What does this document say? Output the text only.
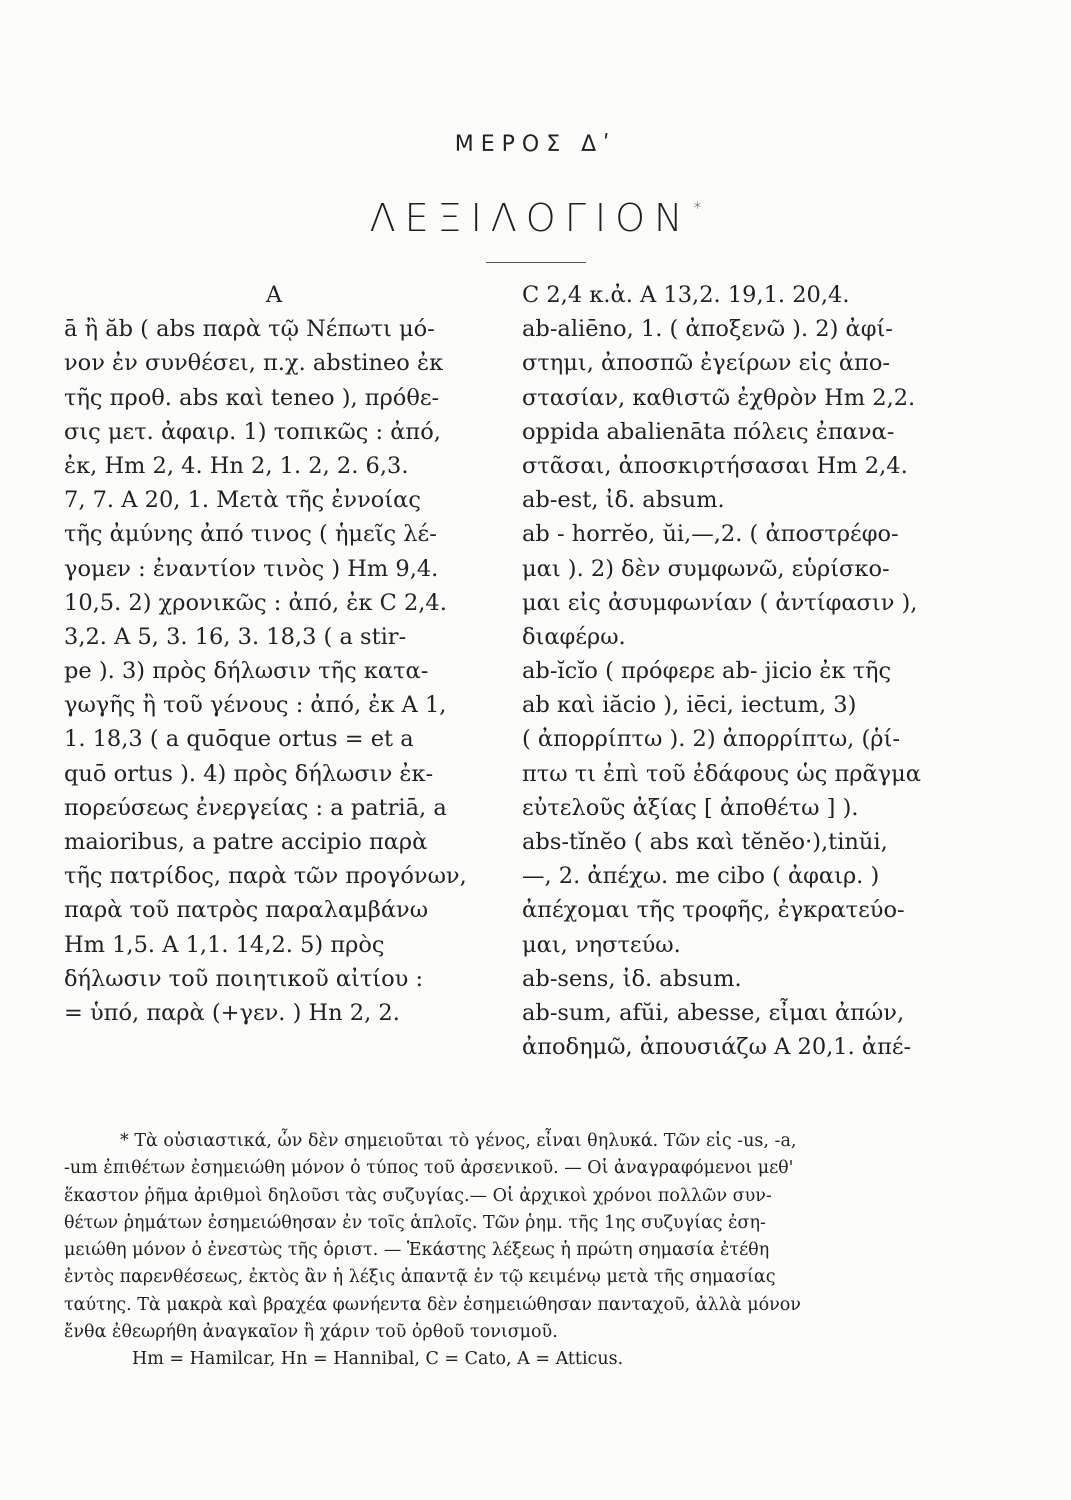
ΜΕΡΟΣ Δʹ
ΛΕΞΙΛΟΓΙΟΝ *
A
ā ἢ ăb ( abs παρὰ τῷ Νέπωτι μό-
νον ἐν συνθέσει, π.χ. abstineo ἐκ
τῆς προθ. abs καὶ teneo ), πρόθε-
σις μετ. ἀφαιρ. 1) τοπικῶς : ἀπό,
ἐκ, Hm 2, 4. Hn 2, 1. 2, 2. 6,3.
7, 7. A 20, 1. Μετὰ τῆς ἐννοίας
τῆς ἀμύνης ἀπό τινος ( ἡμεῖς λέ-
γομεν : ἐναντίον τινὸς ) Hm 9,4.
10,5. 2) χρονικῶς : ἀπό, ἐκ C 2,4.
3,2. A 5, 3. 16, 3. 18,3 ( a stir-
pe ). 3) πρὸς δήλωσιν τῆς κατα-
γωγῆς ἢ τοῦ γένους : ἀπό, ἐκ A 1,
1. 18,3 ( a quōque ortus = et a
quō ortus ). 4) πρὸς δήλωσιν ἐκ-
πορεύσεως ἐνεργείας : a patriā, a
maioribus, a patre accipio παρὰ
τῆς πατρίδος, παρὰ τῶν προγόνων,
παρὰ τοῦ πατρὸς παραλαμβάνω
Hm 1,5. A 1,1. 14,2. 5) πρὸς
δήλωσιν τοῦ ποιητικοῦ αἰτίου :
= ὑπό, παρὰ (+γεν. ) Hn 2, 2.
C 2,4 κ.ἀ. A 13,2. 19,1. 20,4.
ab-aliēno, 1. ( ἀποξενῶ ). 2) ἀφί-
στημι, ἀποσπῶ ἐγείρων εἰς ἀπο-
στασίαν, καθιστῶ ἐχθρὸν Hm 2,2.
oppida abalienāta πόλεις ἐπανα-
στᾶσαι, ἀποσκιρτήσασαι Hm 2,4.
ab-est, ἰδ. absum.
ab - horrĕo, ŭi,—,2. ( ἀποστρέφο-
μαι ). 2) δὲν συμφωνῶ, εὑρίσκο-
μαι εἰς ἀσυμφωνίαν ( ἀντίφασιν ),
διαφέρω.
ab-ĭcĭo ( πρόφερε ab- jicio ἐκ τῆς
ab καὶ iăcio ), iēci, iectum, 3)
( ἀπορρίπτω ). 2) ἀπορρίπτω, (ῥί-
πτω τι ἐπὶ τοῦ ἐδάφους ὡς πρᾶγμα
εὐτελοῦς ἀξίας [ ἀποθέτω ] ).
abs-tĭnĕo ( abs καὶ tĕnĕo·),tinŭi,
—, 2. ἀπέχω. me cibo ( ἀφαιρ. )
ἀπέχομαι τῆς τροφῆς, ἐγκρατεύο-
μαι, νηστεύω.
ab-sens, ἰδ. absum.
ab-sum, afŭi, abesse, εἶμαι ἀπών,
ἀποδημῶ, ἀπουσιάζω A 20,1. ἀπέ-
* Τὰ οὐσιαστικά, ὧν δὲν σημειοῦται τὸ γένος, εἶναι θηλυκά. Τῶν εἰς -us, -a,
-um ἐπιθέτων ἐσημειώθη μόνον ὁ τύπος τοῦ ἀρσενικοῦ. — Οἱ ἀναγραφόμενοι μεθ'
ἕκαστον ῥῆμα ἀριθμοὶ δηλοῦσι τὰς συζυγίας.— Οἱ ἀρχικοὶ χρόνοι πολλῶν συν-
θέτων ῥημάτων ἐσημειώθησαν ἐν τοῖς ἁπλοῖς. Τῶν ῥημ. τῆς 1ης συζυγίας ἐση-
μειώθη μόνον ὁ ἐνεστὼς τῆς ὁριστ. — Ἑκάστης λέξεως ἡ πρώτη σημασία ἐτέθη
ἐντὸς παρενθέσεως, ἐκτὸς ἂν ἡ λέξις ἀπαντᾷ ἐν τῷ κειμένῳ μετὰ τῆς σημασίας
ταύτης. Τὰ μακρὰ καὶ βραχέα φωνήεντα δὲν ἐσημειώθησαν πανταχοῦ, ἀλλὰ μόνον
ἔνθα ἐθεωρήθη ἀναγκαῖον ἢ χάριν τοῦ ὀρθοῦ τονισμοῦ.
Hm = Hamilcar, Hn = Hannibal, C = Cato, A = Atticus.
